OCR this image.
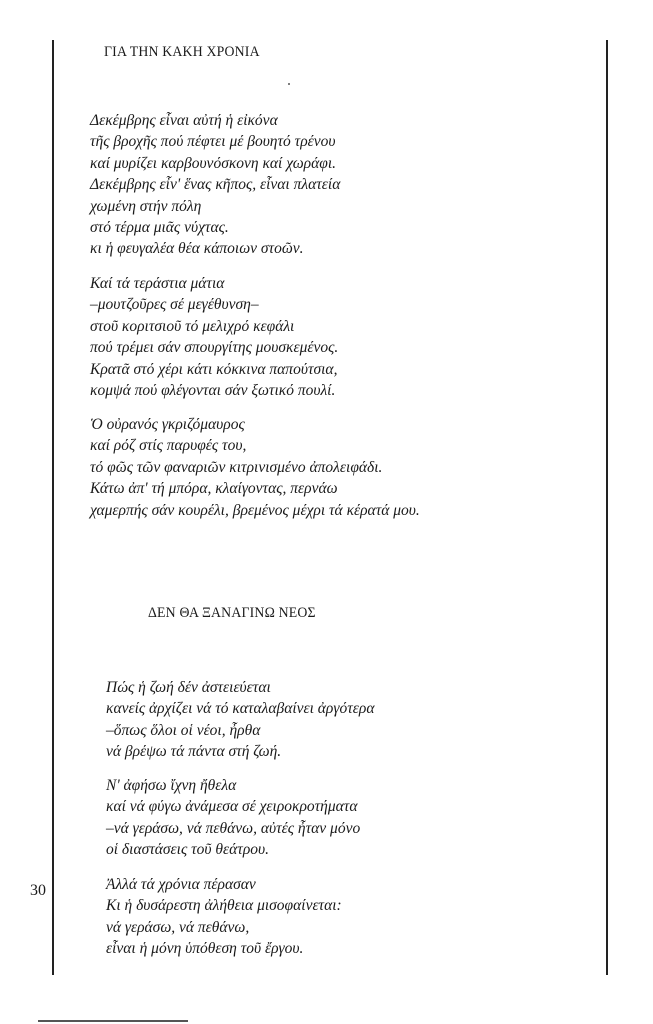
ΓΙΑ ΤΗΝ ΚΑΚΗ ΧΡΟΝΙΑ
Δεκέμβρης εἶναι αὐτή ἡ εἰκόνα
τῆς βροχῆς πού πέφτει μέ βουητό τρένου
καί μυρίζει καρβουνόσκονη καί χωράφι.
Δεκέμβρης εἶν' ἕνας κῆπος, εἶναι πλατεία
χωμένη στήν πόλη
στό τέρμα μιᾶς νύχτας.
κι ἡ φευγαλέα θέα κάποιων στοῶν.
Καί τά τεράστια μάτια
–μουτζοῦρες σέ μεγέθυνση–
στοῦ κοριτσιοῦ τό μελιχρό κεφάλι
πού τρέμει σάν σπουργίτης μουσκεμένος.
Κρατᾶ στό χέρι κάτι κόκκινα παπούτσια,
κομψά πού φλέγονται σάν ξωτικό πουλί.
Ὁ οὐρανός γκριζόμαυρος
καί ρόζ στίς παρυφές του,
τό φῶς τῶν φαναριῶν κιτρινισμένο ἀπολειφάδι.
Κάτω ἀπ' τή μπόρα, κλαίγοντας, περνάω
χαμερπής σάν κουρέλι, βρεμένος μέχρι τά κέρατά μου.
ΔΕΝ ΘΑ ΞΑΝΑΓΙΝΩ ΝΕΟΣ
Πώς ἡ ζωή δέν ἀστειεύεται
κανείς ἀρχίζει νά τό καταλαβαίνει ἀργότερα
–ὅπως ὅλοι οἱ νέοι, ἦρθα
νά βρέψω τά πάντα στή ζωή.
Ν' ἀφήσω ἴχνη ἤθελα
καί νά φύγω ἀνάμεσα σέ χειροκροτήματα
–νά γεράσω, νά πεθάνω, αὐτές ἦταν μόνο
οἱ διαστάσεις τοῦ θεάτρου.
30	Ἀλλά τά χρόνια πέρασαν
Κι ἡ δυσάρεστη ἀλήθεια μισοφαίνεται:
νά γεράσω, νά πεθάνω,
εἶναι ἡ μόνη ὑπόθεση τοῦ ἔργου.
